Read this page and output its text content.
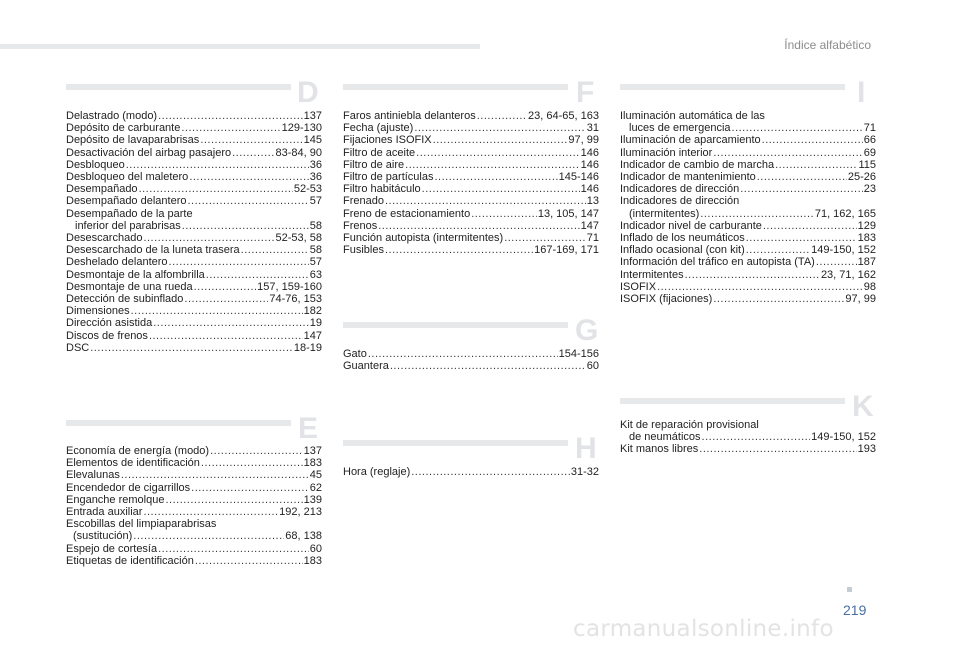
Índice alfabético
D
Delastrado (modo) .....	137
Depósito de carburante .....	129-130
Depósito de lavaparabrisas .....	145
Desactivación del airbag pasajero .....	83-84, 90
Desbloqueo .....	36
Desbloqueo del maletero .....	36
Desempañado .....	52-53
Desempañado delantero .....	57
Desempañado de la parte
inferior del parabrisas .....	58
Desescarchado .....	52-53, 58
Desescarchado de la luneta trasera .....	58
Deshelado delantero .....	57
Desmontaje de la alfombrilla .....	63
Desmontaje de una rueda .....	157, 159-160
Detección de subinflado .....	74-76, 153
Dimensiones .....	182
Dirección asistida .....	19
Discos de frenos .....	147
DSC .....	18-19
E
Economía de energía (modo) .....	137
Elementos de identificación .....	183
Elevalunas .....	45
Encendedor de cigarrillos .....	62
Enganche remolque .....	139
Entrada auxiliar .....	192, 213
Escobillas del limpiaparabrisas
(sustitución) .....	68, 138
Espejo de cortesía .....	60
Etiquetas de identificación .....	183
F
Faros antiniebla delanteros .....	23, 64-65, 163
Fecha (ajuste) .....	31
Fijaciones ISOFIX .....	97, 99
Filtro de aceite .....	146
Filtro de aire .....	146
Filtro de partículas .....	145-146
Filtro habitáculo .....	146
Frenado .....	13
Freno de estacionamiento .....	13, 105, 147
Frenos .....	147
Función autopista (intermitentes) .....	71
Fusibles .....	167-169, 171
G
Gato .....	154-156
Guantera .....	60
H
Hora (reglaje) .....	31-32
I
Iluminación automática de las
luces de emergencia .....	71
Iluminación de aparcamiento .....	66
Iluminación interior .....	69
Indicador de cambio de marcha .....	115
Indicador de mantenimiento .....	25-26
Indicadores de dirección .....	23
Indicadores de dirección
(intermitentes) .....	71, 162, 165
Indicador nivel de carburante .....	129
Inflado de los neumáticos .....	183
Inflado ocasional (con kit) .....	149-150, 152
Información del tráfico en autopista (TA) .....	187
Intermitentes .....	23, 71, 162
ISOFIX .....	98
ISOFIX (fijaciones) .....	97, 99
K
Kit de reparación provisional
de neumáticos .....	149-150, 152
Kit manos libres .....	193
219
carmanualsonline.info
